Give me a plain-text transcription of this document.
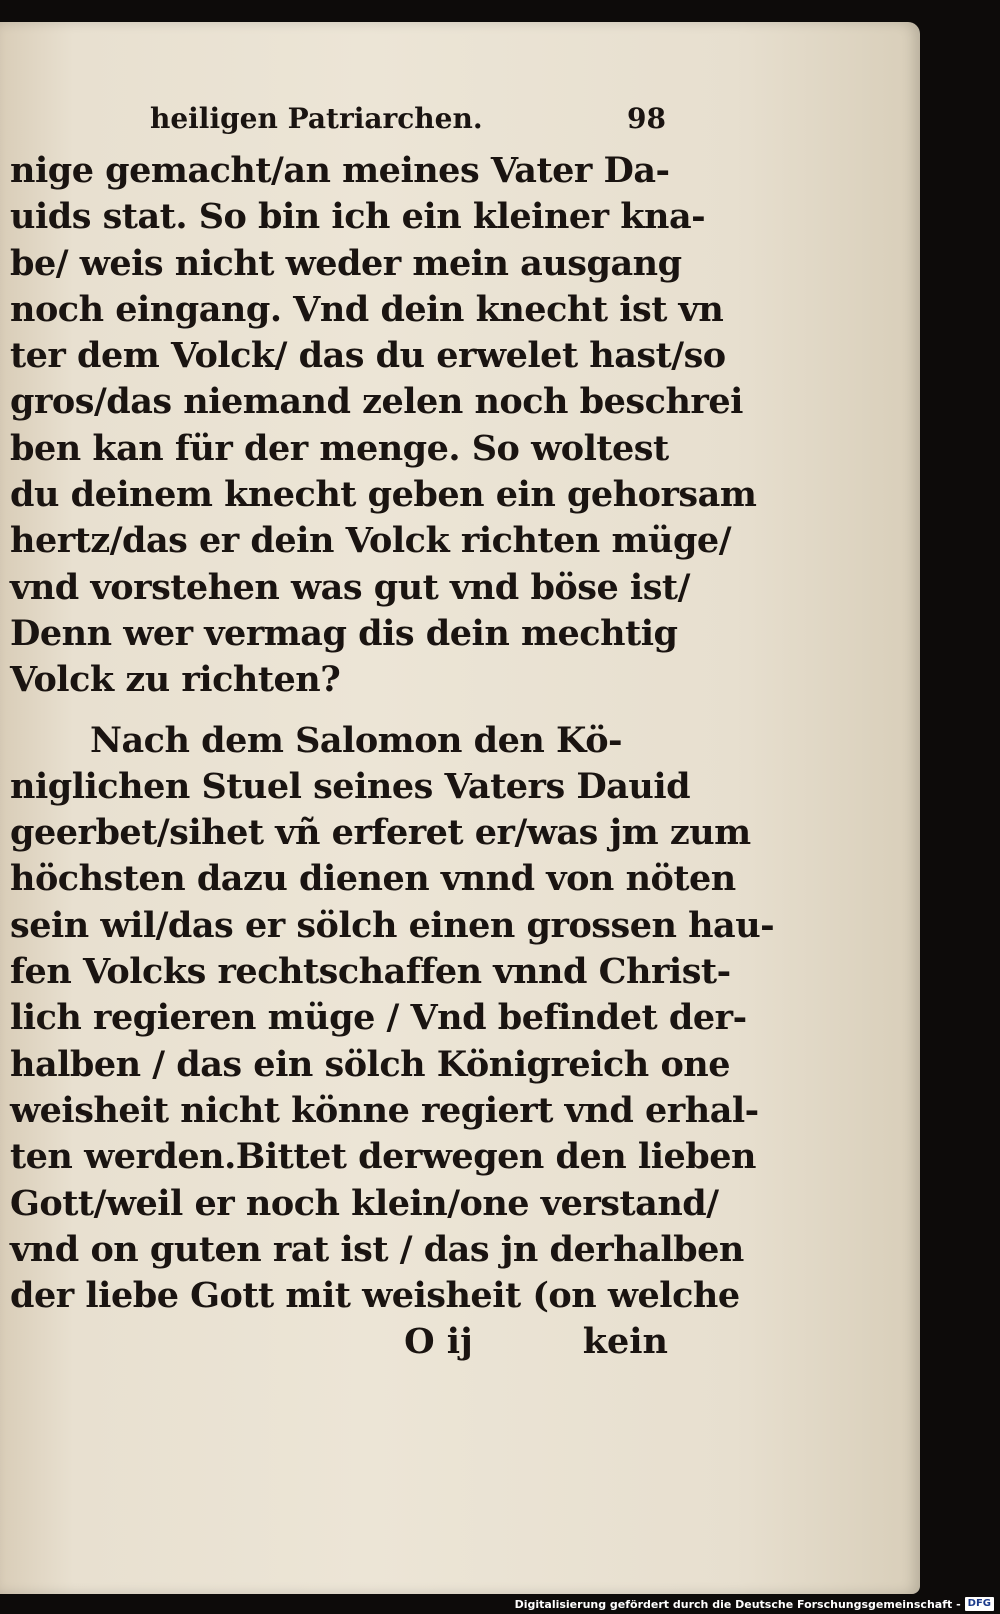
heiligen Patriarchen.	98
nige gemacht/an meines Vater Da-
uids stat. So bin ich ein kleiner kna-
be/ weis nicht weder mein ausgang
noch eingang. Vnd dein knecht ist vn
ter dem Volck/ das du erwelet hast/so
gros/das niemand zelen noch beschrei
ben kan für der menge. So woltest
du deinem knecht geben ein gehorsam
hertz/das er dein Volck richten müge/
vnd vorstehen was gut vnd böse ist/
Denn wer vermag dis dein mechtig
Volck zu richten?
Nach dem Salomon den Kö-
niglichen Stuel seines Vaters Dauid
geerbet/sihet vñ erferet er/was jm zum
höchsten dazu dienen vnnd von nöten
sein wil/das er sölch einen grossen hau-
fen Volcks rechtschaffen vnnd Christ-
lich regieren müge / Vnd befindet der-
halben / das ein sölch Königreich one
weisheit nicht könne regiert vnd erhal-
ten werden.Bittet derwegen den lieben
Gott/weil er noch klein/one verstand/
vnd on guten rat ist / das jn derhalben
der liebe Gott mit weisheit (on welche
O ij	kein
Digitalisierung gefördert durch die Deutsche Forschungsgemeinschaft - DFG
